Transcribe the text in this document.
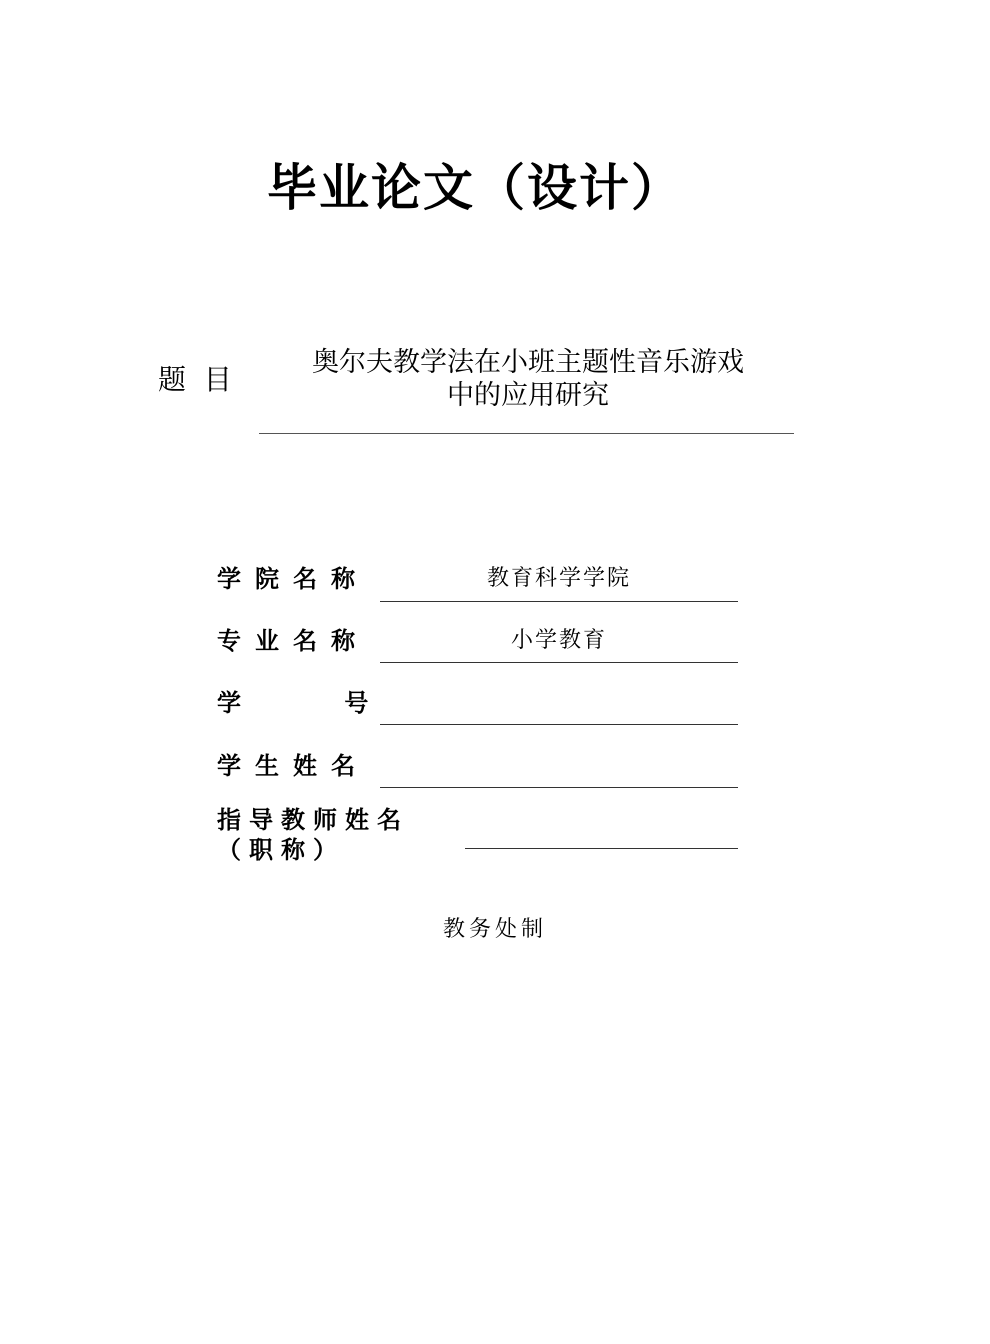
毕业论文（设计）
题  目
奥尔夫教学法在小班主题性音乐游戏
中的应用研究
学院名称	教育科学学院
专业名称	小学教育
学    号
学生姓名
指导教师姓名（职称）
教务处制
